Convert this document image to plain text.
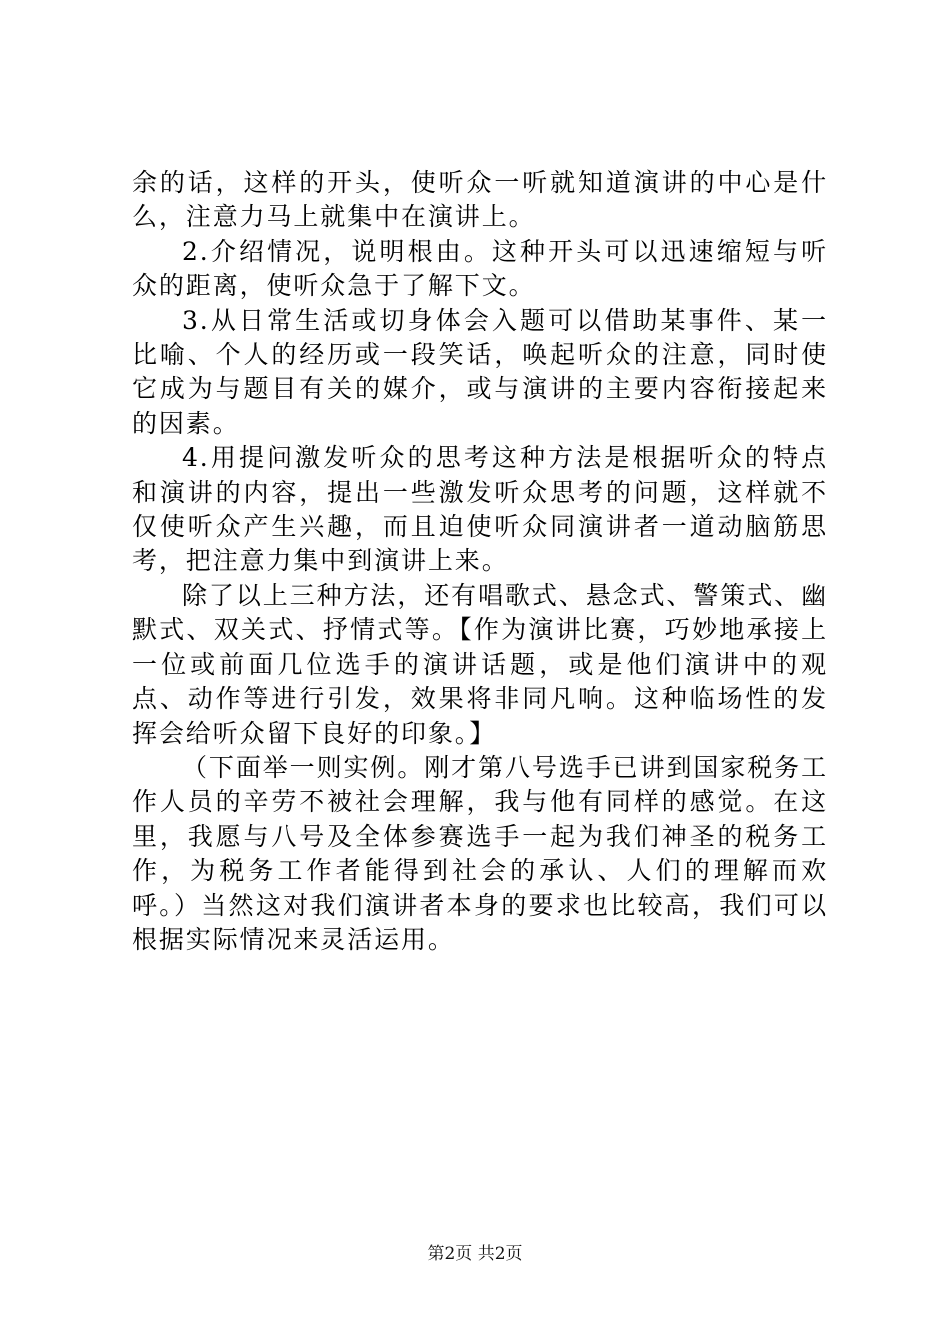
余的话，这样的开头，使听众一听就知道演讲的中心是什么，注意力马上就集中在演讲上。

2.介绍情况，说明根由。这种开头可以迅速缩短与听众的距离，使听众急于了解下文。

3.从日常生活或切身体会入题可以借助某事件、某一比喻、个人的经历或一段笑话，唤起听众的注意，同时使它成为与题目有关的媒介，或与演讲的主要内容衔接起来的因素。

4.用提问激发听众的思考这种方法是根据听众的特点和演讲的内容，提出一些激发听众思考的问题，这样就不仅使听众产生兴趣，而且迫使听众同演讲者一道动脑筋思考，把注意力集中到演讲上来。

除了以上三种方法，还有唱歌式、悬念式、警策式、幽默式、双关式、抒情式等。【作为演讲比赛，巧妙地承接上一位或前面几位选手的演讲话题，或是他们演讲中的观点、动作等进行引发，效果将非同凡响。这种临场性的发挥会给听众留下良好的印象。】

（下面举一则实例。刚才第八号选手已讲到国家税务工作人员的辛劳不被社会理解，我与他有同样的感觉。在这里，我愿与八号及全体参赛选手一起为我们神圣的税务工作，为税务工作者能得到社会的承认、人们的理解而欢呼。）当然这对我们演讲者本身的要求也比较高，我们可以根据实际情况来灵活运用。

第2页 共2页
